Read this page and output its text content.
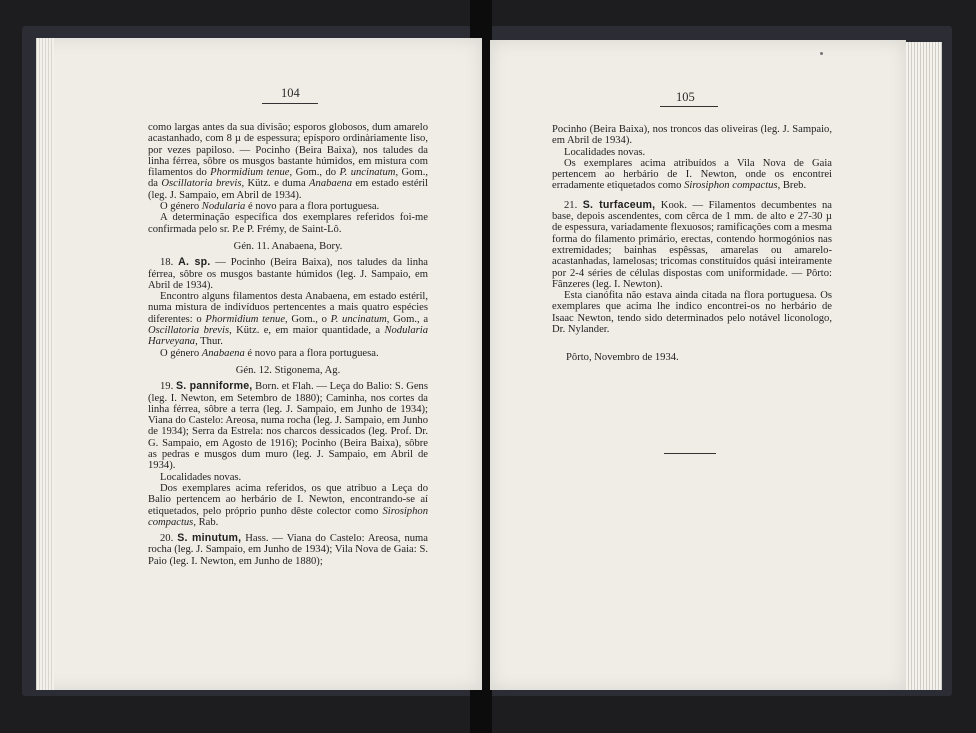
104

como largas antes da sua divisão; esporos globosos, dum amarelo acastanhado, com 8 µ de espessura; epísporo ordinàriamente liso, por vezes papiloso. — Pocinho (Beira Baixa), nos taludes da linha férrea, sôbre os musgos bastante húmidos, em mistura com filamentos do Phormidium tenue, Gom., do P. uncinatum, Gom., da Oscillatoria brevis, Kütz. e duma Anabaena em estado estéril (leg. J. Sampaio, em Abril de 1934).

O género Nodularia é novo para a flora portuguesa.

A determinação específica dos exemplares referidos foi-me confirmada pelo sr. P.e P. Frémy, de Saint-Lô.

Gén. 11. Anabaena, Bory.

18. A. sp. — Pocinho (Beira Baixa), nos taludes da linha férrea, sôbre os musgos bastante húmidos (leg. J. Sampaio, em Abril de 1934).

Encontro alguns filamentos desta Anabaena, em estado estéril, numa mistura de indivíduos pertencentes a mais quatro espécies diferentes: o Phormidium tenue, Gom., o P. uncinatum, Gom., a Oscillatoria brevis, Kütz. e, em maior quantidade, a Nodularia Harveyana, Thur.

O género Anabaena é novo para a flora portuguesa.

Gén. 12. Stigonema, Ag.

19. S. panniforme, Born. et Flah. — Leça do Balio: S. Gens (leg. I. Newton, em Setembro de 1880); Caminha, nos cortes da linha férrea, sôbre a terra (leg. J. Sampaio, em Junho de 1934); Viana do Castelo: Areosa, numa rocha (leg. J. Sampaio, em Junho de 1934); Serra da Estrela: nos charcos dessicados (leg. Prof. Dr. G. Sampaio, em Agosto de 1916); Pocinho (Beira Baixa), sôbre as pedras e musgos dum muro (leg. J. Sampaio, em Abril de 1934).

Localidades novas.

Dos exemplares acima referidos, os que atribuo a Leça do Balio pertencem ao herbário de I. Newton, encontrando-se aí etiquetados, pelo próprio punho dêste colector como Sirosiphon compactus, Rab.

20. S. minutum, Hass. — Viana do Castelo: Areosa, numa rocha (leg. J. Sampaio, em Junho de 1934); Vila Nova de Gaia: S. Paio (leg. I. Newton, em Junho de 1880);

105

Pocinho (Beira Baixa), nos troncos das oliveiras (leg. J. Sampaio, em Abril de 1934).

Localidades novas.

Os exemplares acima atribuídos a Vila Nova de Gaia pertencem ao herbário de I. Newton, onde os encontrei erradamente etiquetados como Sirosiphon compactus, Breb.

21. S. turfaceum, Kook. — Filamentos decumbentes na base, depois ascendentes, com cêrca de 1 mm. de alto e 27-30 µ de espessura, variadamente flexuosos; ramificações com a mesma forma do filamento primário, erectas, contendo hormogónios nas extremidades; bainhas espêssas, amarelas ou amarelo-acastanhadas, lamelosas; tricomas constituídos quási inteiramente por 2-4 séries de células dispostas com uniformidade. — Pôrto: Fânzeres (leg. I. Newton).

Esta cianófita não estava ainda citada na flora portuguesa. Os exemplares que acima lhe indico encontrei-os no herbário de Isaac Newton, tendo sido determinados pelo notável liconologo, Dr. Nylander.

Pôrto, Novembro de 1934.
